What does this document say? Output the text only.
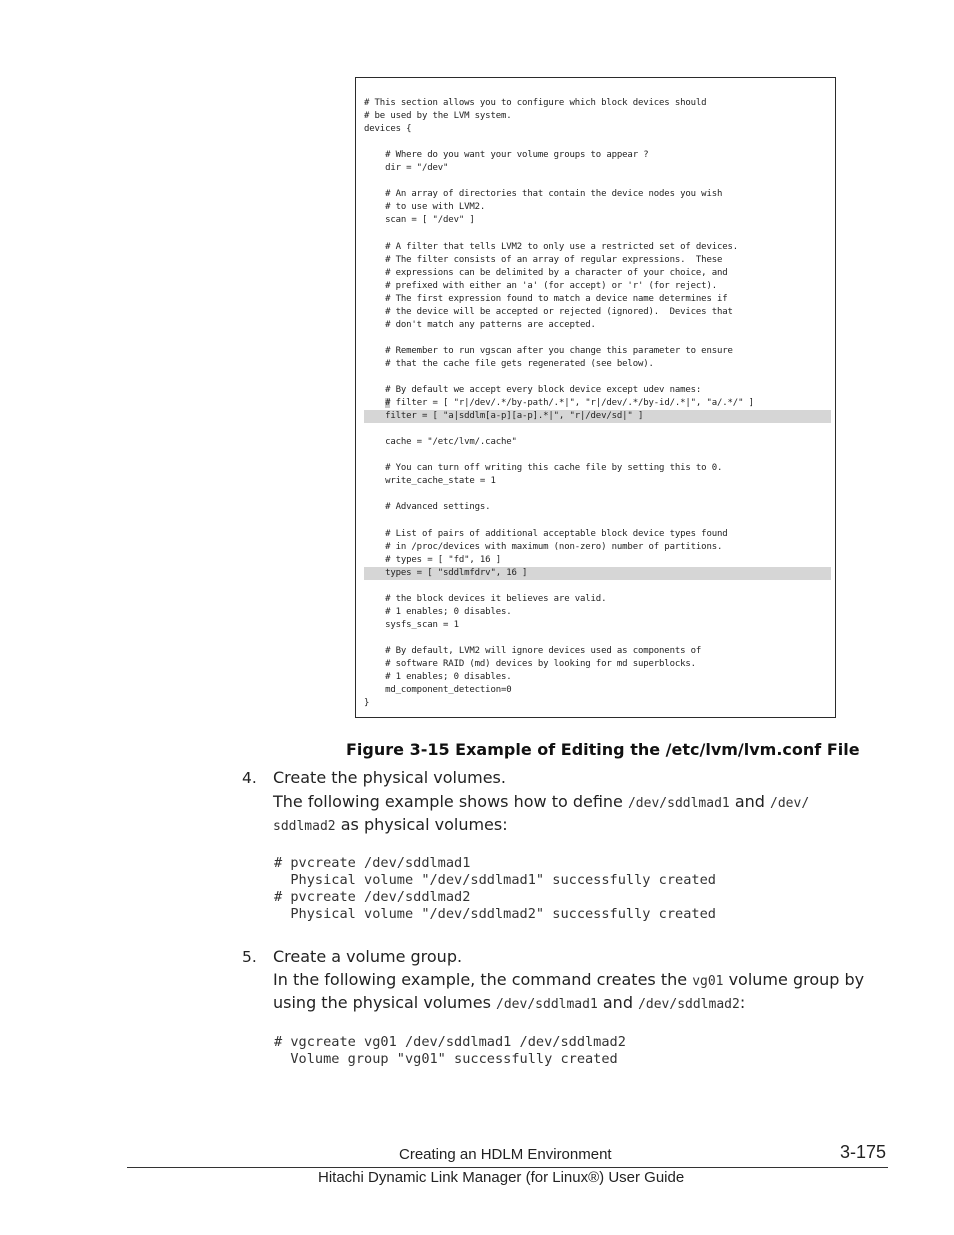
# This section allows you to configure which block devices should
# be used by the LVM system.
devices {
# Where do you want your volume groups to appear ?
dir = "/dev"
# An array of directories that contain the device nodes you wish
# to use with LVM2.
scan = [ "/dev" ]
# A filter that tells LVM2 to only use a restricted set of devices.
# The filter consists of an array of regular expressions.  These
# expressions can be delimited by a character of your choice, and
# prefixed with either an 'a' (for accept) or 'r' (for reject).
# The first expression found to match a device name determines if
# the device will be accepted or rejected (ignored).  Devices that
# don't match any patterns are accepted.
# Remember to run vgscan after you change this parameter to ensure
# that the cache file gets regenerated (see below).
# By default we accept every block device except udev names:
# filter = [ "r|/dev/.*/by-path/.*|", "r|/dev/.*/by-id/.*|", "a/.*/" ]
filter = [ "a|sddlm[a-p][a-p].*|", "r|/dev/sd|" ]
cache = "/etc/lvm/.cache"
# You can turn off writing this cache file by setting this to 0.
write_cache_state = 1
# Advanced settings.
# List of pairs of additional acceptable block device types found
# in /proc/devices with maximum (non-zero) number of partitions.
# types = [ "fd", 16 ]
types = [ "sddlmfdrv", 16 ]
# the block devices it believes are valid.
# 1 enables; 0 disables.
sysfs_scan = 1
# By default, LVM2 will ignore devices used as components of
# software RAID (md) devices by looking for md superblocks.
# 1 enables; 0 disables.
md_component_detection=0
}
Figure 3-15 Example of Editing the /etc/lvm/lvm.conf File
4. Create the physical volumes.
The following example shows how to define /dev/sddlmad1 and /dev/ sddlmad2 as physical volumes:
# pvcreate /dev/sddlmad1
Physical volume "/dev/sddlmad1" successfully created
# pvcreate /dev/sddlmad2
Physical volume "/dev/sddlmad2" successfully created
5. Create a volume group.
In the following example, the command creates the vg01 volume group by using the physical volumes /dev/sddlmad1 and /dev/sddlmad2:
# vgcreate vg01 /dev/sddlmad1 /dev/sddlmad2
Volume group "vg01" successfully created
Creating an HDLM Environment	3-175
Hitachi Dynamic Link Manager (for Linux®) User Guide
